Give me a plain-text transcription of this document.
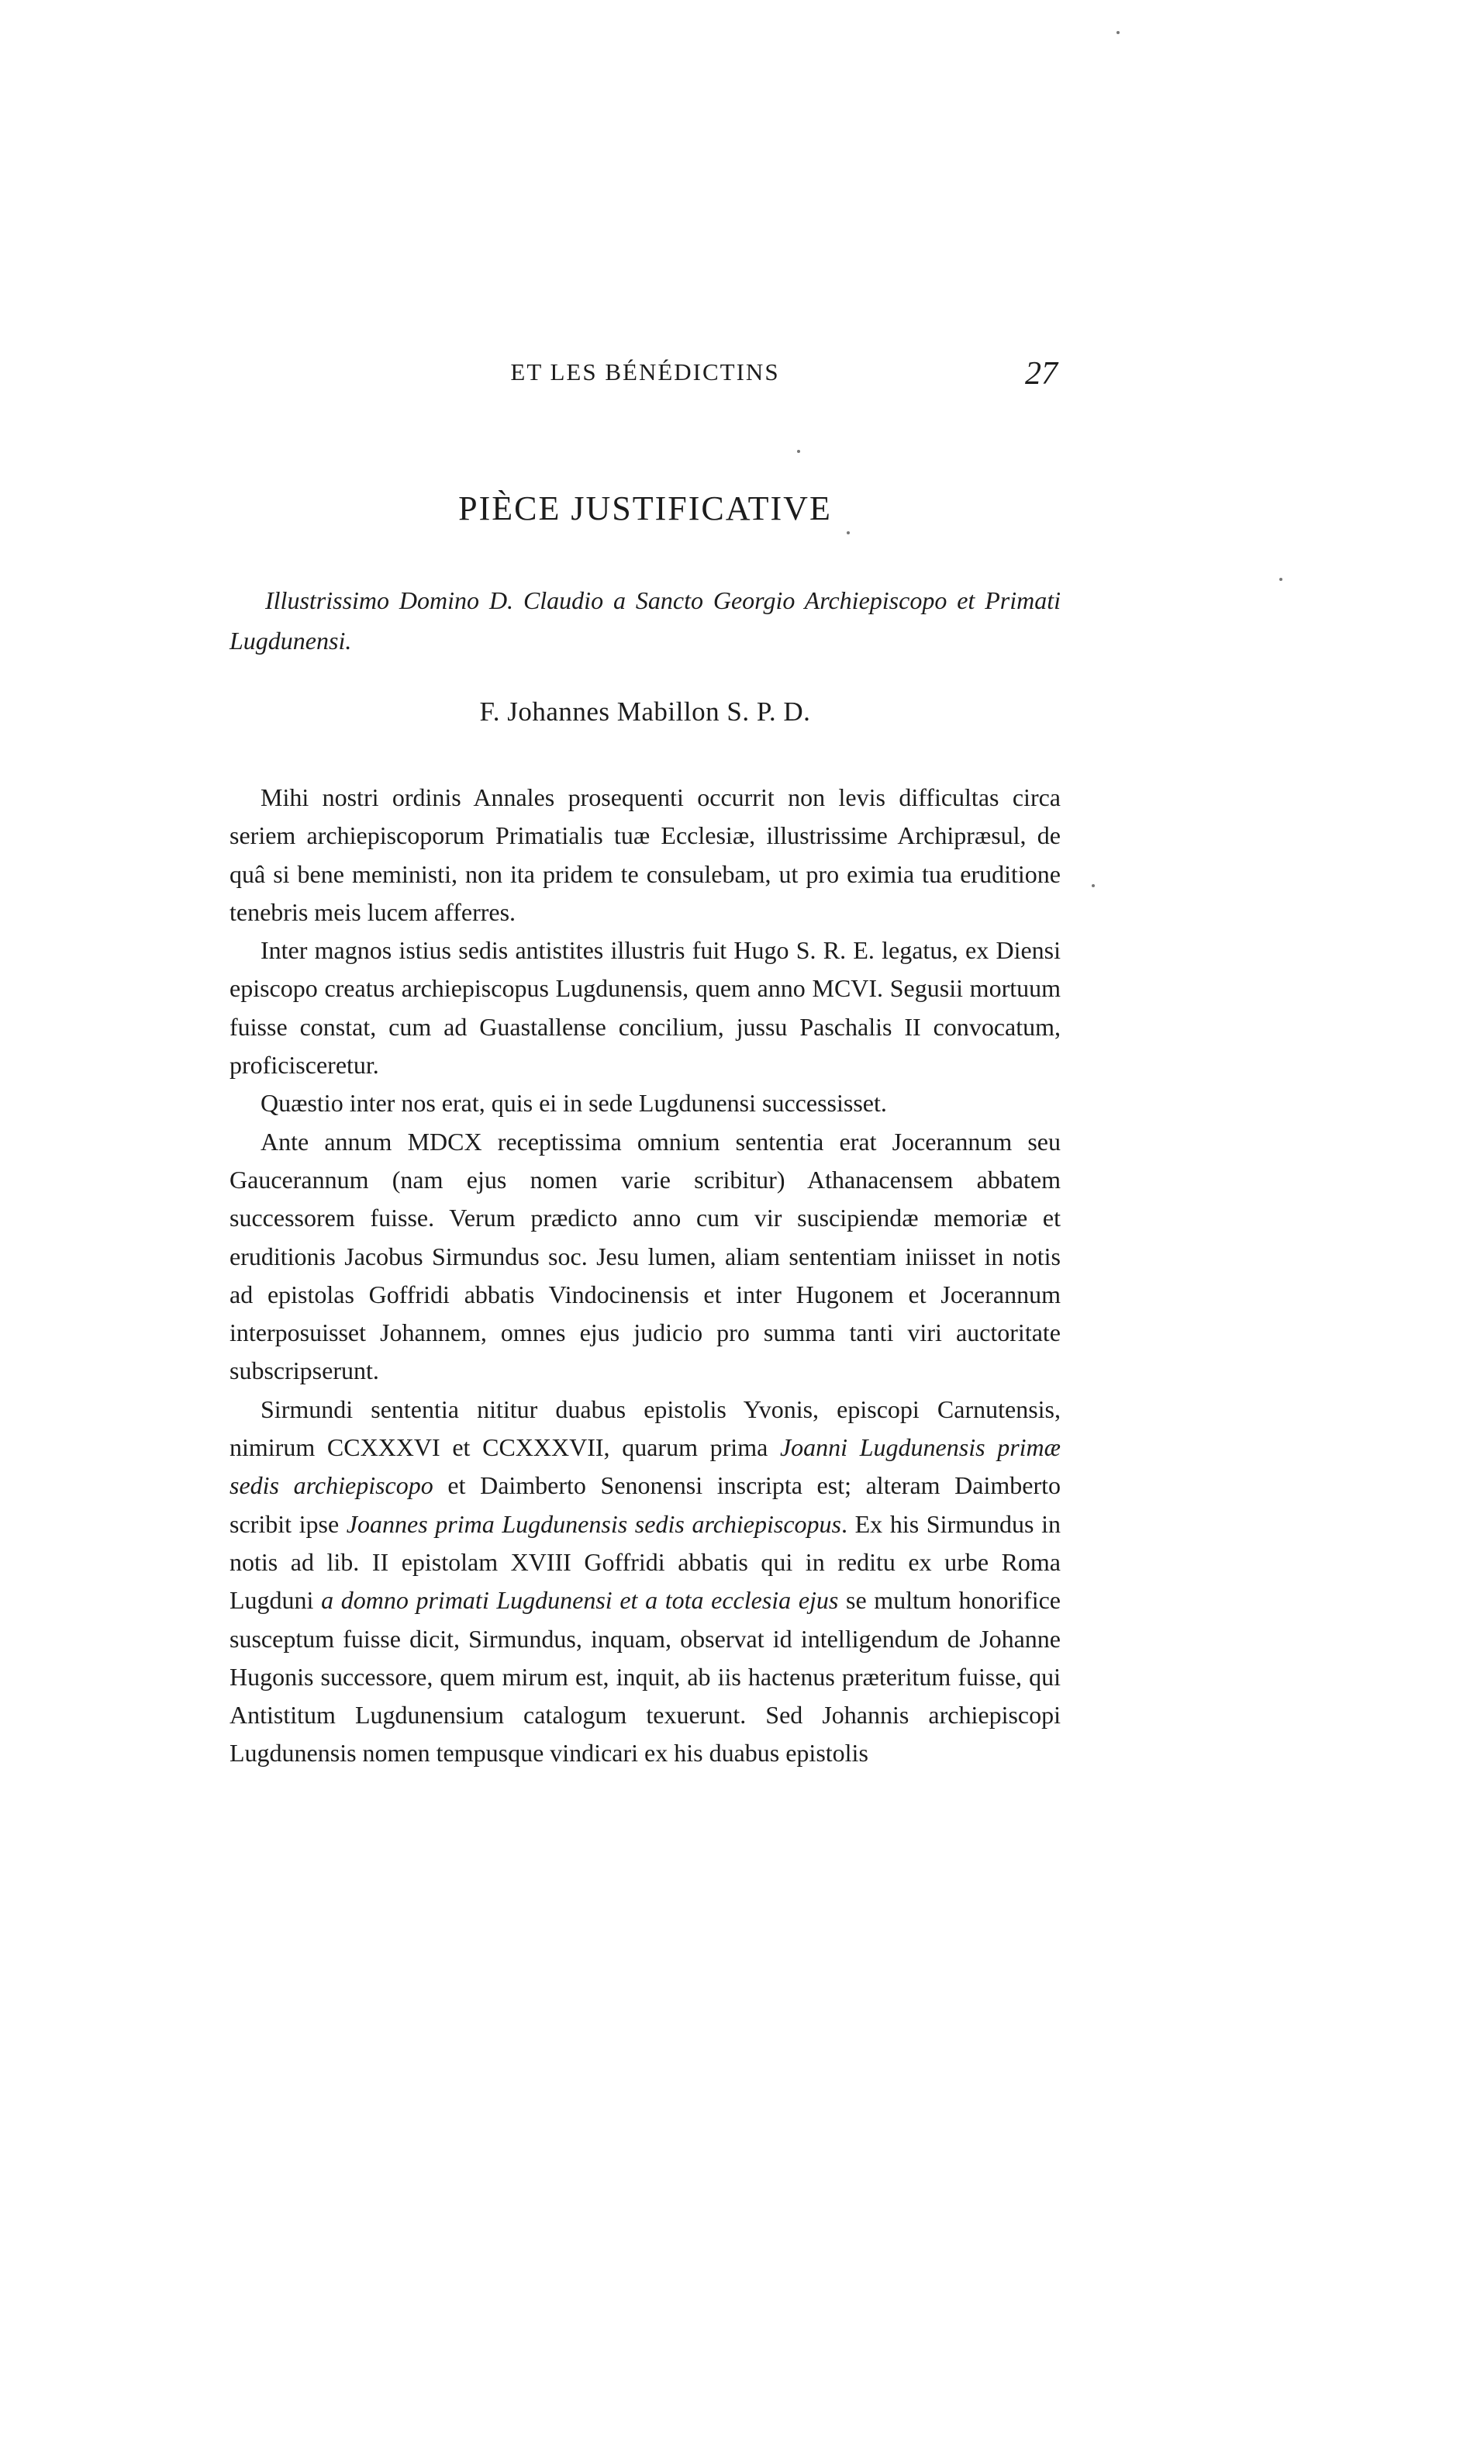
ET LES BÉNÉDICTINS	27
PIÈCE JUSTIFICATIVE
Illustrissimo Domino D. Claudio a Sancto Georgio Archiepiscopo et Primati Lugdunensi.
F. Johannes Mabillon S. P. D.

Mihi nostri ordinis Annales prosequenti occurrit non levis difficultas circa seriem archiepiscoporum Primatialis tuæ Ecclesiæ, illustrissime Archipræsul, de quâ si bene meministi, non ita pridem te consulebam, ut pro eximia tua eruditione tenebris meis lucem afferres.

Inter magnos istius sedis antistites illustris fuit Hugo S. R. E. legatus, ex Diensi episcopo creatus archiepiscopus Lugdunensis, quem anno MCVI. Segusii mortuum fuisse constat, cum ad Guastallense concilium, jussu Paschalis II convocatum, proficisceretur.

Quæstio inter nos erat, quis ei in sede Lugdunensi successisset.

Ante annum MDCX receptissima omnium sententia erat Jocerannum seu Gaucerannum (nam ejus nomen varie scribitur) Athanacensem abbatem successorem fuisse. Verum prædicto anno cum vir suscipiendæ memoriæ et eruditionis Jacobus Sirmundus soc. Jesu lumen, aliam sententiam iniisset in notis ad epistolas Goffridi abbatis Vindocinensis et inter Hugonem et Jocerannum interposuisset Johannem, omnes ejus judicio pro summa tanti viri auctoritate subscripserunt.

Sirmundi sententia nititur duabus epistolis Yvonis, episcopi Carnutensis, nimirum CCXXXVI et CCXXXVII, quarum prima Joanni Lugdunensis primæ sedis archiepiscopo et Daimberto Senonensi inscripta est; alteram Daimberto scribit ipse Joannes prima Lugdunensis sedis archiepiscopus. Ex his Sirmundus in notis ad lib. II epistolam XVIII Goffridi abbatis qui in reditu ex urbe Roma Lugduni a domno primati Lugdunensi et a tota ecclesia ejus se multum honorifice susceptum fuisse dicit, Sirmundus, inquam, observat id intelligendum de Johanne Hugonis successore, quem mirum est, inquit, ab iis hactenus præteritum fuisse, qui Antistitum Lugdunensium catalogum texuerunt. Sed Johannis archiepiscopi Lugdunensis nomen tempusque vindicari ex his duabus epistolis
